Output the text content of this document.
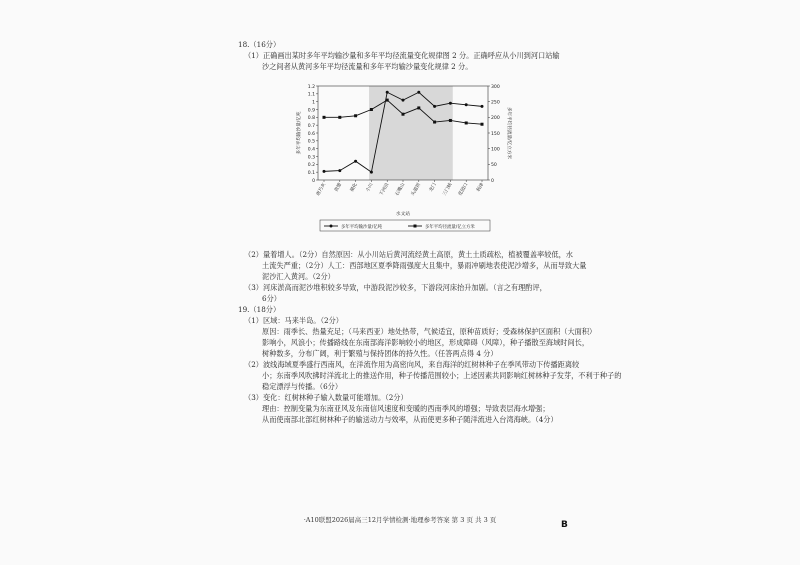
18.（16分）
（1）正确画出某时多年平均输沙量和多年平均径流量变化规律图 2 分。正确呼应从小川到河口站输
沙之间者从黄河多年平均径流量和多年平均输沙量变化规律 2 分。
0
0.1
0.2
0.3
0.4
0.5
0.6
0.7
0.8
0.9
1
1.1
1.2
0
50
100
150
200
250
300
多年平均输沙量/亿吨	多年平均径流量/亿立方米
唐乃亥	贵德	循化	小川 下河沿 石嘴山 头道拐	龙门 三门峡 花园口	利津
水文站
多年平均输沙量/亿吨	多年平均径流量/亿立方米
（2）量着增人。（2分）自然原因：从小川站后黄河流经黄土高原，黄土土质疏松，植被覆盖率较低，水
土流失严重；（2分）人工：西部地区夏季降雨强度大且集中，暴雨冲刷地表使泥沙增多，从而导致大量
泥沙汇入黄河。（2分）
（3）河床淤高而泥沙堆积较多导致，中游段泥沙较多，下游段河床抬升加剧。（言之有理酌评，
6分）
19.（18分）
（1）区域：马来半岛。（2分）
原因：雨季长、热量充足；（马来西亚）地处热带，气候适宜，原种苗质好；受森林保护区面积（大面积）
影响小，风浪小；传播路线在东南部海洋影响较小的地区，形成障碍（风障），种子播散至海域时间长，
树种数多，分布广阔，利于繁殖与保持团体的持久性。（任答两点得 4 分）
（2）波线海域夏季盛行西南风，在洋流作用为高密向风，来自海洋的红树林种子在季风带动下传播距离较
小；东南季风吹拂时洋流北上的推送作用，种子传播范围较小；上述因素共同影响红树林种子发芽，不利于种子的
稳定漂浮与传播。（6分）
（3）变化：红树林种子输入数量可能增加。（2分）
理由：控制变量为东南亚风及东南信风速度和变暖的西南季风的增强；导致表层海水增强；
从而使南部北部红树林种子的输送动力与效率，从而使更多种子随洋流进入台湾海峡。（4分）
·A10联盟2026届高三12月学情检测·地理参考答案 第 3 页 共 3 页	B
